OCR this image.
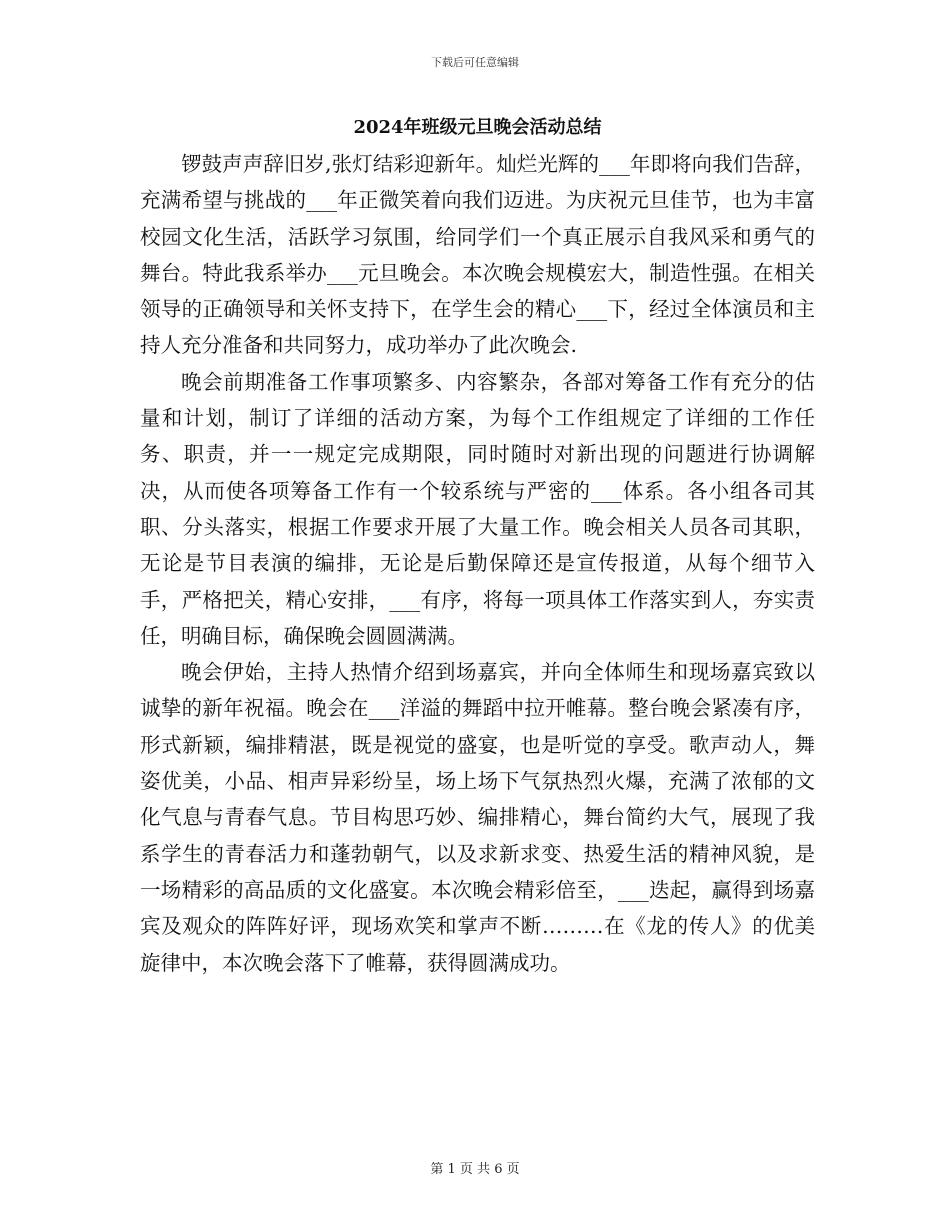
下载后可任意编辑
2024年班级元旦晚会活动总结

锣鼓声声辞旧岁,张灯结彩迎新年。灿烂光辉的___年即将向我们告辞，充满希望与挑战的___年正微笑着向我们迈进。为庆祝元旦佳节，也为丰富校园文化生活，活跃学习氛围，给同学们一个真正展示自我风采和勇气的舞台。特此我系举办___元旦晚会。本次晚会规模宏大，制造性强。在相关领导的正确领导和关怀支持下，在学生会的精心___下，经过全体演员和主持人充分准备和共同努力，成功举办了此次晚会.

晚会前期准备工作事项繁多、内容繁杂，各部对筹备工作有充分的估量和计划，制订了详细的活动方案，为每个工作组规定了详细的工作任务、职责，并一一规定完成期限，同时随时对新出现的问题进行协调解决，从而使各项筹备工作有一个较系统与严密的___体系。各小组各司其职、分头落实，根据工作要求开展了大量工作。晚会相关人员各司其职，无论是节目表演的编排，无论是后勤保障还是宣传报道，从每个细节入手，严格把关，精心安排，___有序，将每一项具体工作落实到人，夯实责任，明确目标，确保晚会圆圆满满。

晚会伊始，主持人热情介绍到场嘉宾，并向全体师生和现场嘉宾致以诚挚的新年祝福。晚会在___洋溢的舞蹈中拉开帷幕。整台晚会紧凑有序，形式新颖，编排精湛，既是视觉的盛宴，也是听觉的享受。歌声动人，舞姿优美，小品、相声异彩纷呈，场上场下气氛热烈火爆，充满了浓郁的文化气息与青春气息。节目构思巧妙、编排精心，舞台简约大气，展现了我系学生的青春活力和蓬勃朝气，以及求新求变、热爱生活的精神风貌，是一场精彩的高品质的文化盛宴。本次晚会精彩倍至，___迭起，赢得到场嘉宾及观众的阵阵好评，现场欢笑和掌声不断………在《龙的传人》的优美旋律中，本次晚会落下了帷幕，获得圆满成功。

第 1 页 共 6 页
